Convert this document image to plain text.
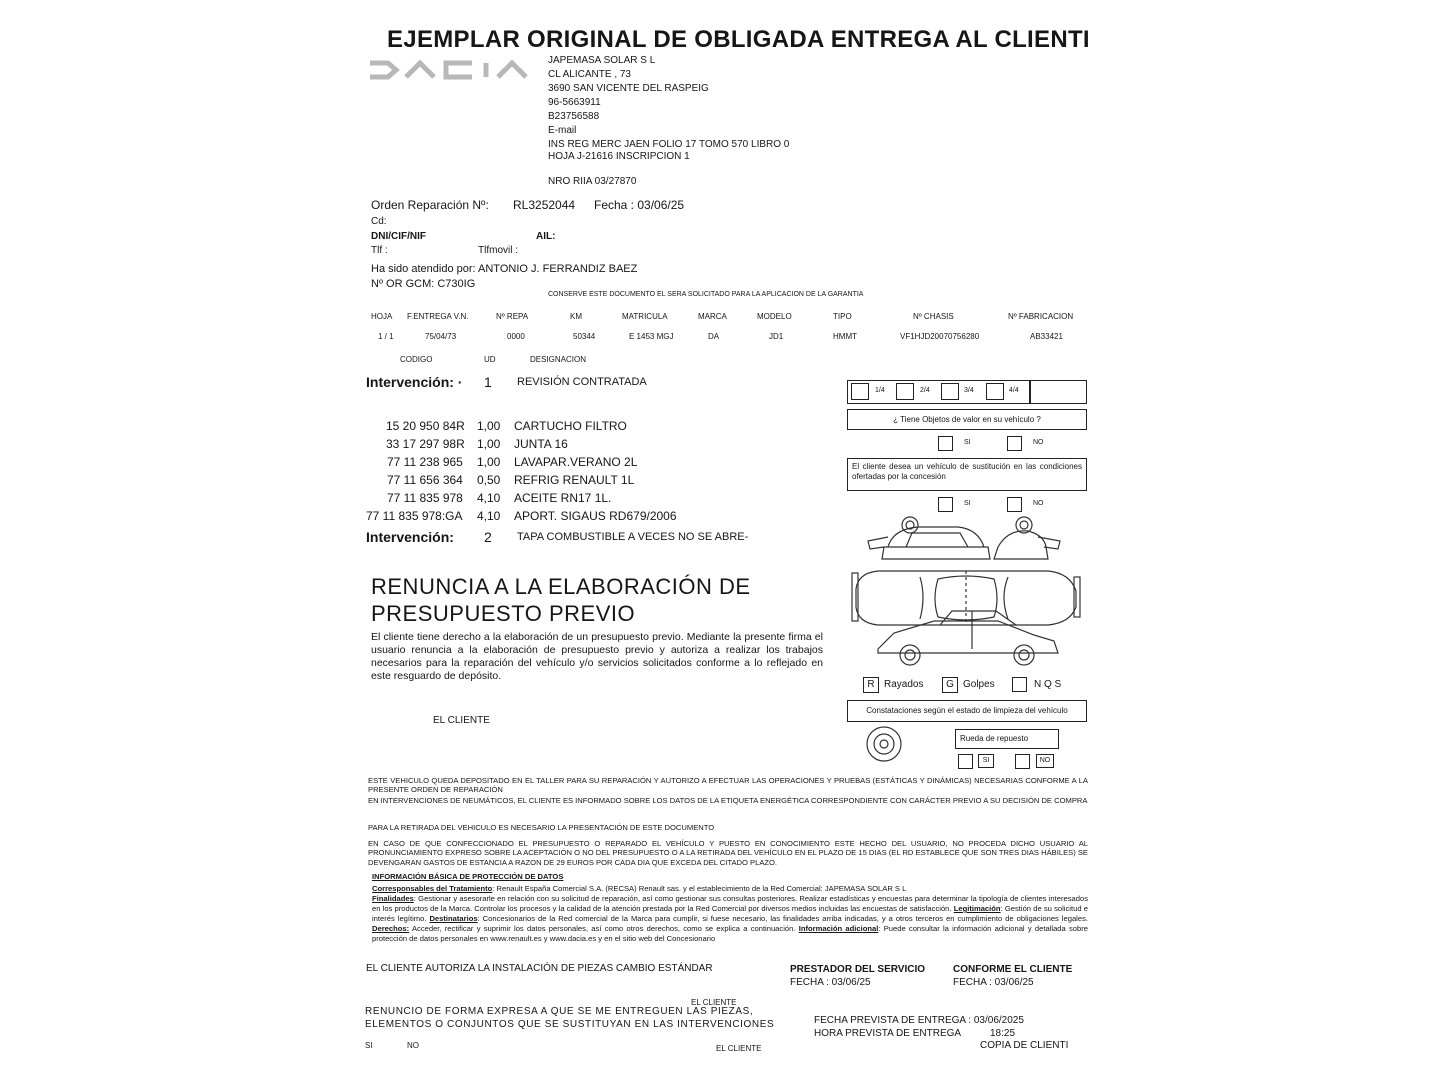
EJEMPLAR ORIGINAL DE OBLIGADA ENTREGA AL CLIENTI
JAPEMASA SOLAR S L
CL ALICANTE , 73
3690 SAN VICENTE DEL RASPEIG
96-5663911
B23756588
E-mail
INS REG MERC JAEN FOLIO 17 TOMO 570 LIBRO 0
HOJA J-21616 INSCRIPCION 1
NRO RIIA 03/27870
Orden Reparación Nº: RL3252044 Fecha : 03/06/25
Cd:
DNI/CIF/NIF	AIL:
Tlf :	Tlfmovil :
Ha sido atendido por: ANTONIO J. FERRANDIZ BAEZ
Nº OR GCM: C730IG
CONSERVE ESTE DOCUMENTO EL SERA SOLICITADO PARA LA APLICACION DE LA GARANTIA
HOJA F.ENTREGA V.N.	Nº REPA	KM	MATRICULA	MARCA	MODELO	TIPO	Nº CHASIS	Nº FABRICACION
1 / 1	75/04/73	0000	50344	E 1453 MGJ	DA	JD1	HMMT	VF1HJD20070756280	AB33421
CODIGO	UD	DESIGNACION
Intervención: · 1 REVISIÓN CONTRATADA
15 20 950 84R 1,00 CARTUCHO FILTRO
33 17 297 98R 1,00 JUNTA 16
77 11 238 965 1,00 LAVAPAR.VERANO 2L
77 11 656 364 0,50 REFRIG RENAULT 1L
77 11 835 978 4,10 ACEITE RN17 1L.
77 11 835 978:GA 4,10 APORT. SIGAUS RD679/2006
Intervención: 2 TAPA COMBUSTIBLE A VECES NO SE ABRE-
RENUNCIA A LA ELABORACIÓN DE
PRESUPUESTO PREVIO
El cliente tiene derecho a la elaboración de un presupuesto previo. Mediante la presente firma el usuario renuncia a la elaboración de presupuesto previo y autoriza a realizar los trabajos necesarios para la reparación del vehículo y/o servicios solicitados conforme a lo reflejado en este resguardo de depósito.
EL CLIENTE
1/4	2/4	3/4	4/4
¿ Tiene Objetos de valor en su vehículo ?
SI	NO
El cliente desea un vehículo de sustitución en las condiciones ofertadas por la concesión
SI	NO
R Rayados	G Golpes	N Q S
Constataciones según el estado de limpieza del vehículo
Rueda de repuesto
SI	NO
ESTE VEHICULO QUEDA DEPOSITADO EN EL TALLER PARA SU REPARACIÓN Y AUTORIZO A EFECTUAR LAS OPERACIONES Y PRUEBAS (ESTÁTICAS Y DINÁMICAS) NECESARIAS CONFORME A LA PRESENTE ORDEN DE REPARACIÓN
EN INTERVENCIONES DE NEUMÁTICOS, EL CLIENTE ES INFORMADO SOBRE LOS DATOS DE LA ETIQUETA ENERGÉTICA CORRESPONDIENTE CON CARÁCTER PREVIO A SU DECISIÓN DE COMPRA
PARA LA RETIRADA DEL VEHICULO ES NECESARIO LA PRESENTACIÓN DE ESTE DOCUMENTO
EN CASO DE QUE CONFECCIONADO EL PRESUPUESTO O REPARADO EL VEHÍCULO Y PUESTO EN CONOCIMIENTO ESTE HECHO DEL USUARIO, NO PROCEDA DICHO USUARIO AL PRONUNCIAMIENTO EXPRESO SOBRE LA ACEPTACIÓN O NO DEL PRESUPUESTO O A LA RETIRADA DEL VEHÍCULO EN EL PLAZO DE 15 DIAS (EL RD ESTABLECE QUE SON TRES DIAS HÁBILES) SE DEVENGARAN GASTOS DE ESTANCIA A RAZON DE 29 EUROS POR CADA DIA QUE EXCEDA DEL CITADO PLAZO.
INFORMACIÓN BÁSICA DE PROTECCIÓN DE DATOS
Corresponsables del Tratamiento: Renault España Comercial S.A. (RECSA) Renault sas. y el establecimiento de la Red Comercial: JAPEMASA SOLAR S L
Finalidades: Gestionar y asesorarle en relación con su solicitud de reparación, así como gestionar sus consultas posteriores. Realizar estadísticas y encuestas para determinar la tipología de clientes interesados en los productos de la Marca. Controlar los procesos y la calidad de la atención prestada por la Red Comercial por diversos medios incluidas las encuestas de satisfacción. Legitimación: Gestión de su solicitud e interés legítimo. Destinatarios: Concesionarios de la Red comercial de la Marca para cumplir, si fuese necesario, las finalidades arriba indicadas, y a otros terceros en cumplimiento de obligaciones legales. Derechos: Acceder, rectificar y suprimir los datos personales, así como otros derechos, como se explica a continuación. Información adicional: Puede consultar la información adicional y detallada sobre protección de datos personales en www.renault.es y www.dacia.es y en el sitio web del Concesionario
EL CLIENTE AUTORIZA LA INSTALACIÓN DE PIEZAS CAMBIO ESTÁNDAR	PRESTADOR DEL SERVICIO
FECHA : 03/06/25
CONFORME EL CLIENTE
FECHA : 03/06/25
EL CLIENTE
RENUNCIO DE FORMA EXPRESA A QUE SE ME ENTREGUEN LAS PIEZAS,
ELEMENTOS O CONJUNTOS QUE SE SUSTITUYAN EN LAS INTERVENCIONES	FECHA PREVISTA DE ENTREGA : 03/06/2025
HORA PREVISTA DE ENTREGA	18:25
SI	NO	EL CLIENTE	COPIA DE CLIENTI
